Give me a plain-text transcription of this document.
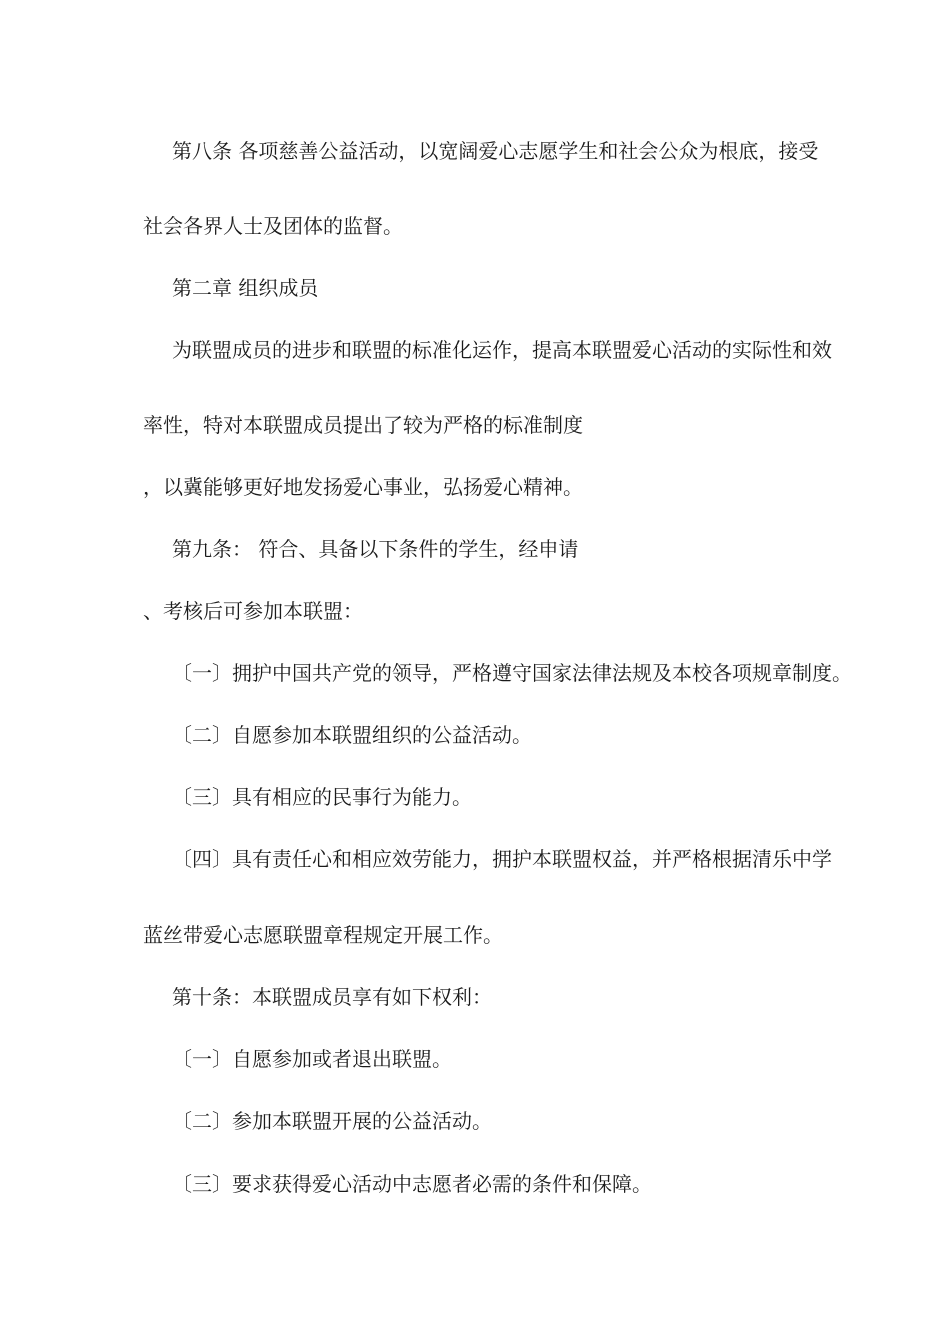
第八条 各项慈善公益活动，以宽阔爱心志愿学生和社会公众为根底，接受
社会各界人士及团体的监督。
第二章 组织成员
为联盟成员的进步和联盟的标准化运作，提高本联盟爱心活动的实际性和效
率性，特对本联盟成员提出了较为严格的标准制度
，以冀能够更好地发扬爱心事业，弘扬爱心精神。
第九条： 符合、具备以下条件的学生，经申请
、考核后可参加本联盟：
〔一〕拥护中国共产党的领导，严格遵守国家法律法规及本校各项规章制度。
〔二〕自愿参加本联盟组织的公益活动。
〔三〕具有相应的民事行为能力。
〔四〕具有责任心和相应效劳能力，拥护本联盟权益，并严格根据清乐中学
蓝丝带爱心志愿联盟章程规定开展工作。
第十条：本联盟成员享有如下权利：
〔一〕自愿参加或者退出联盟。
〔二〕参加本联盟开展的公益活动。
〔三〕要求获得爱心活动中志愿者必需的条件和保障。
